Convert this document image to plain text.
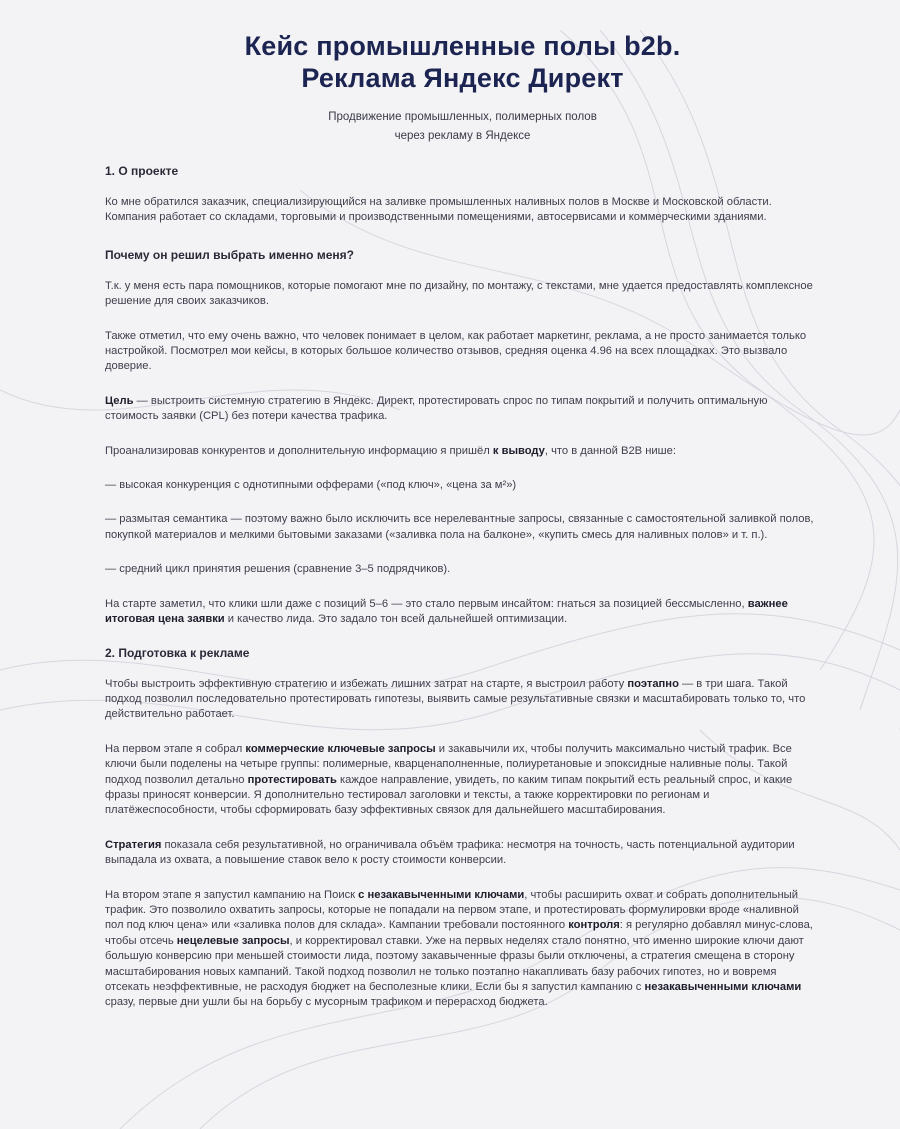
Кейс промышленные полы b2b.
Реклама Яндекс Директ
Продвижение промышленных, полимерных полов
через рекламу в Яндексе
1. О проекте

Ко мне обратился заказчик, специализирующийся на заливке промышленных наливных полов в Москве и Московской области. Компания работает со складами, торговыми и производственными помещениями, автосервисами и коммерческими зданиями.

Почему он решил выбрать именно меня?

Т.к. у меня есть пара помощников, которые помогают мне по дизайну, по монтажу, с текстами, мне удается предоставлять комплексное решение для своих заказчиков.

Также отметил, что ему очень важно, что человек понимает в целом, как работает маркетинг, реклама, а не просто занимается только настройкой. Посмотрел мои кейсы, в которых большое количество отзывов, средняя оценка 4.96 на всех площадках. Это вызвало доверие.

Цель — выстроить системную стратегию в Яндекс. Директ, протестировать спрос по типам покрытий и получить оптимальную стоимость заявки (CPL) без потери качества трафика.

Проанализировав конкурентов и дополнительную информацию я пришёл к выводу, что в данной B2B нише:

— высокая конкуренция с однотипными офферами («под ключ», «цена за м²»)

— размытая семантика — поэтому важно было исключить все нерелевантные запросы, связанные с самостоятельной заливкой полов, покупкой материалов и мелкими бытовыми заказами («заливка пола на балконе», «купить смесь для наливных полов» и т. п.).

— средний цикл принятия решения (сравнение 3–5 подрядчиков).

На старте заметил, что клики шли даже с позиций 5–6 — это стало первым инсайтом: гнаться за позицией бессмысленно, важнее итоговая цена заявки и качество лида. Это задало тон всей дальнейшей оптимизации.

2. Подготовка к рекламе

Чтобы выстроить эффективную стратегию и избежать лишних затрат на старте, я выстроил работу поэтапно — в три шага. Такой подход позволил последовательно протестировать гипотезы, выявить самые результативные связки и масштабировать только то, что действительно работает.

На первом этапе я собрал коммерческие ключевые запросы и закавычили их, чтобы получить максимально чистый трафик. Все ключи были поделены на четыре группы: полимерные, кварценаполненные, полиуретановые и эпоксидные наливные полы. Такой подход позволил детально протестировать каждое направление, увидеть, по каким типам покрытий есть реальный спрос, и какие фразы приносят конверсии. Я дополнительно тестировал заголовки и тексты, а также корректировки по регионам и платёжеспособности, чтобы сформировать базу эффективных связок для дальнейшего масштабирования.

Стратегия показала себя результативной, но ограничивала объём трафика: несмотря на точность, часть потенциальной аудитории выпадала из охвата, а повышение ставок вело к росту стоимости конверсии.

На втором этапе я запустил кампанию на Поиск с незакавыченными ключами, чтобы расширить охват и собрать дополнительный трафик. Это позволило охватить запросы, которые не попадали на первом этапе, и протестировать формулировки вроде «наливной пол под ключ цена» или «заливка полов для склада». Кампании требовали постоянного контроля: я регулярно добавлял минус-слова, чтобы отсечь нецелевые запросы, и корректировал ставки. Уже на первых неделях стало понятно, что именно широкие ключи дают большую конверсию при меньшей стоимости лида, поэтому закавыченные фразы были отключены, а стратегия смещена в сторону масштабирования новых кампаний. Такой подход позволил не только поэтапно накапливать базу рабочих гипотез, но и вовремя отсекать неэффективные, не расходуя бюджет на бесполезные клики. Если бы я запустил кампанию с незакавыченными ключами сразу, первые дни ушли бы на борьбу с мусорным трафиком и перерасход бюджета.
